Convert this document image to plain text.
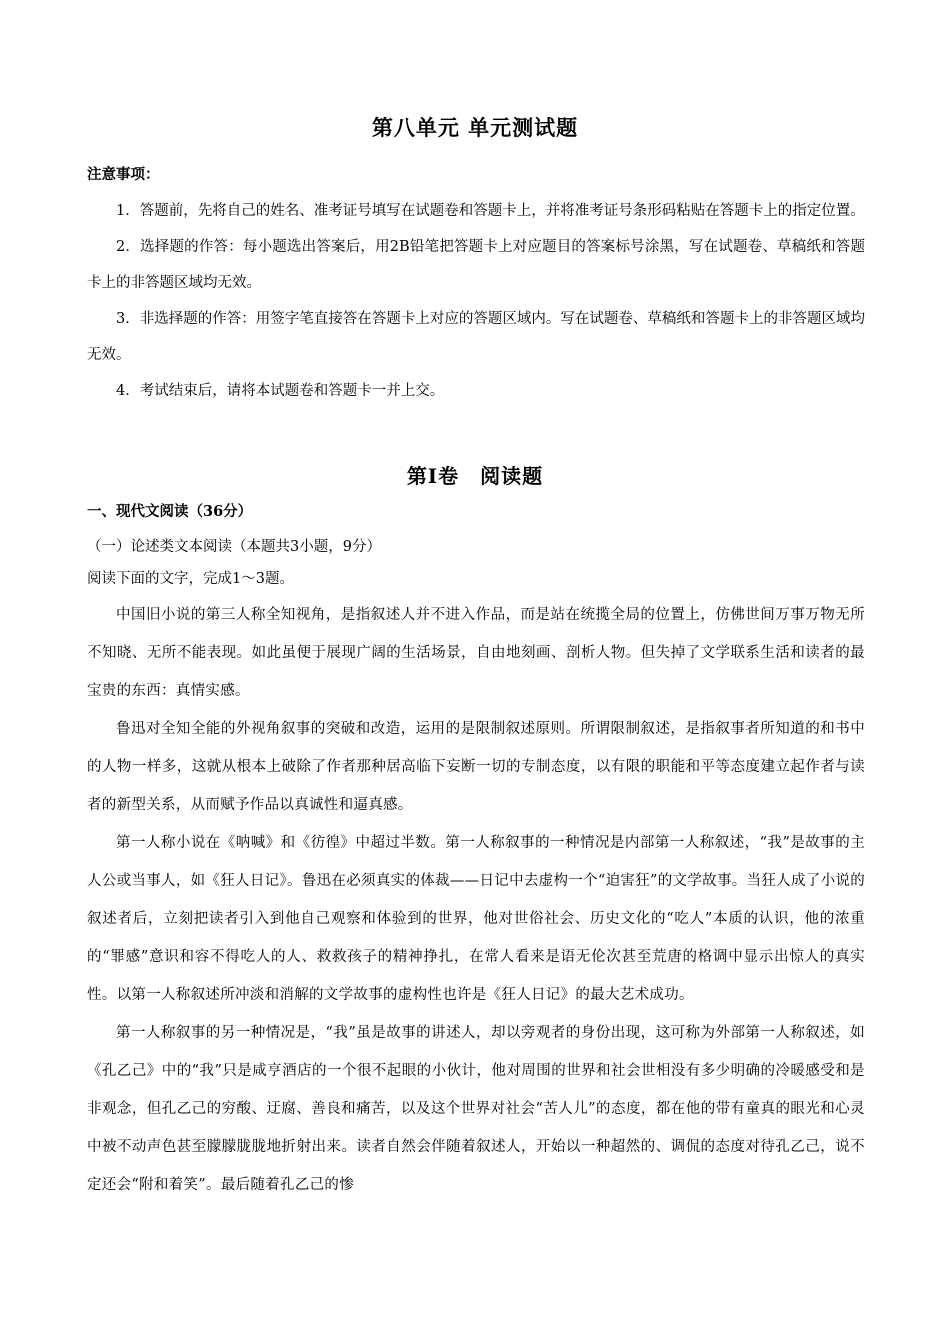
第八单元 单元测试题
注意事项：

1．答题前，先将自己的姓名、准考证号填写在试题卷和答题卡上，并将准考证号条形码粘贴在答题卡上的指定位置。

2．选择题的作答：每小题选出答案后，用2B铅笔把答题卡上对应题目的答案标号涂黑，写在试题卷、草稿纸和答题卡上的非答题区域均无效。

3．非选择题的作答：用签字笔直接答在答题卡上对应的答题区域内。写在试题卷、草稿纸和答题卡上的非答题区域均无效。

4．考试结束后，请将本试题卷和答题卡一并上交。

第Ⅰ卷　阅读题
一、现代文阅读（36分）
（一）论述类文本阅读（本题共3小题，9分）
阅读下面的文字，完成1～3题。

中国旧小说的第三人称全知视角，是指叙述人并不进入作品，而是站在统揽全局的位置上，仿佛世间万事万物无所不知晓、无所不能表现。如此虽便于展现广阔的生活场景，自由地刻画、剖析人物。但失掉了文学联系生活和读者的最宝贵的东西：真情实感。

鲁迅对全知全能的外视角叙事的突破和改造，运用的是限制叙述原则。所谓限制叙述，是指叙事者所知道的和书中的人物一样多，这就从根本上破除了作者那种居高临下妄断一切的专制态度，以有限的职能和平等态度建立起作者与读者的新型关系，从而赋予作品以真诚性和逼真感。

第一人称小说在《呐喊》和《彷徨》中超过半数。第一人称叙事的一种情况是内部第一人称叙述，“我”是故事的主人公或当事人，如《狂人日记》。鲁迅在必须真实的体裁——日记中去虚构一个“迫害狂”的文学故事。当狂人成了小说的叙述者后，立刻把读者引入到他自己观察和体验到的世界，他对世俗社会、历史文化的“吃人”本质的认识，他的浓重的“罪感”意识和容不得吃人的人、救救孩子的精神挣扎，在常人看来是语无伦次甚至荒唐的格调中显示出惊人的真实性。以第一人称叙述所冲淡和消解的文学故事的虚构性也许是《狂人日记》的最大艺术成功。

第一人称叙事的另一种情况是，“我”虽是故事的讲述人，却以旁观者的身份出现，这可称为外部第一人称叙述，如《孔乙己》中的“我”只是咸亨酒店的一个很不起眼的小伙计，他对周围的世界和社会世相没有多少明确的冷暖感受和是非观念，但孔乙己的穷酸、迂腐、善良和痛苦，以及这个世界对社会“苦人儿”的态度，都在他的带有童真的眼光和心灵中被不动声色甚至朦朦胧胧地折射出来。读者自然会伴随着叙述人，开始以一种超然的、调侃的态度对待孔乙己，说不定还会“附和着笑”。最后随着孔乙己的惨
